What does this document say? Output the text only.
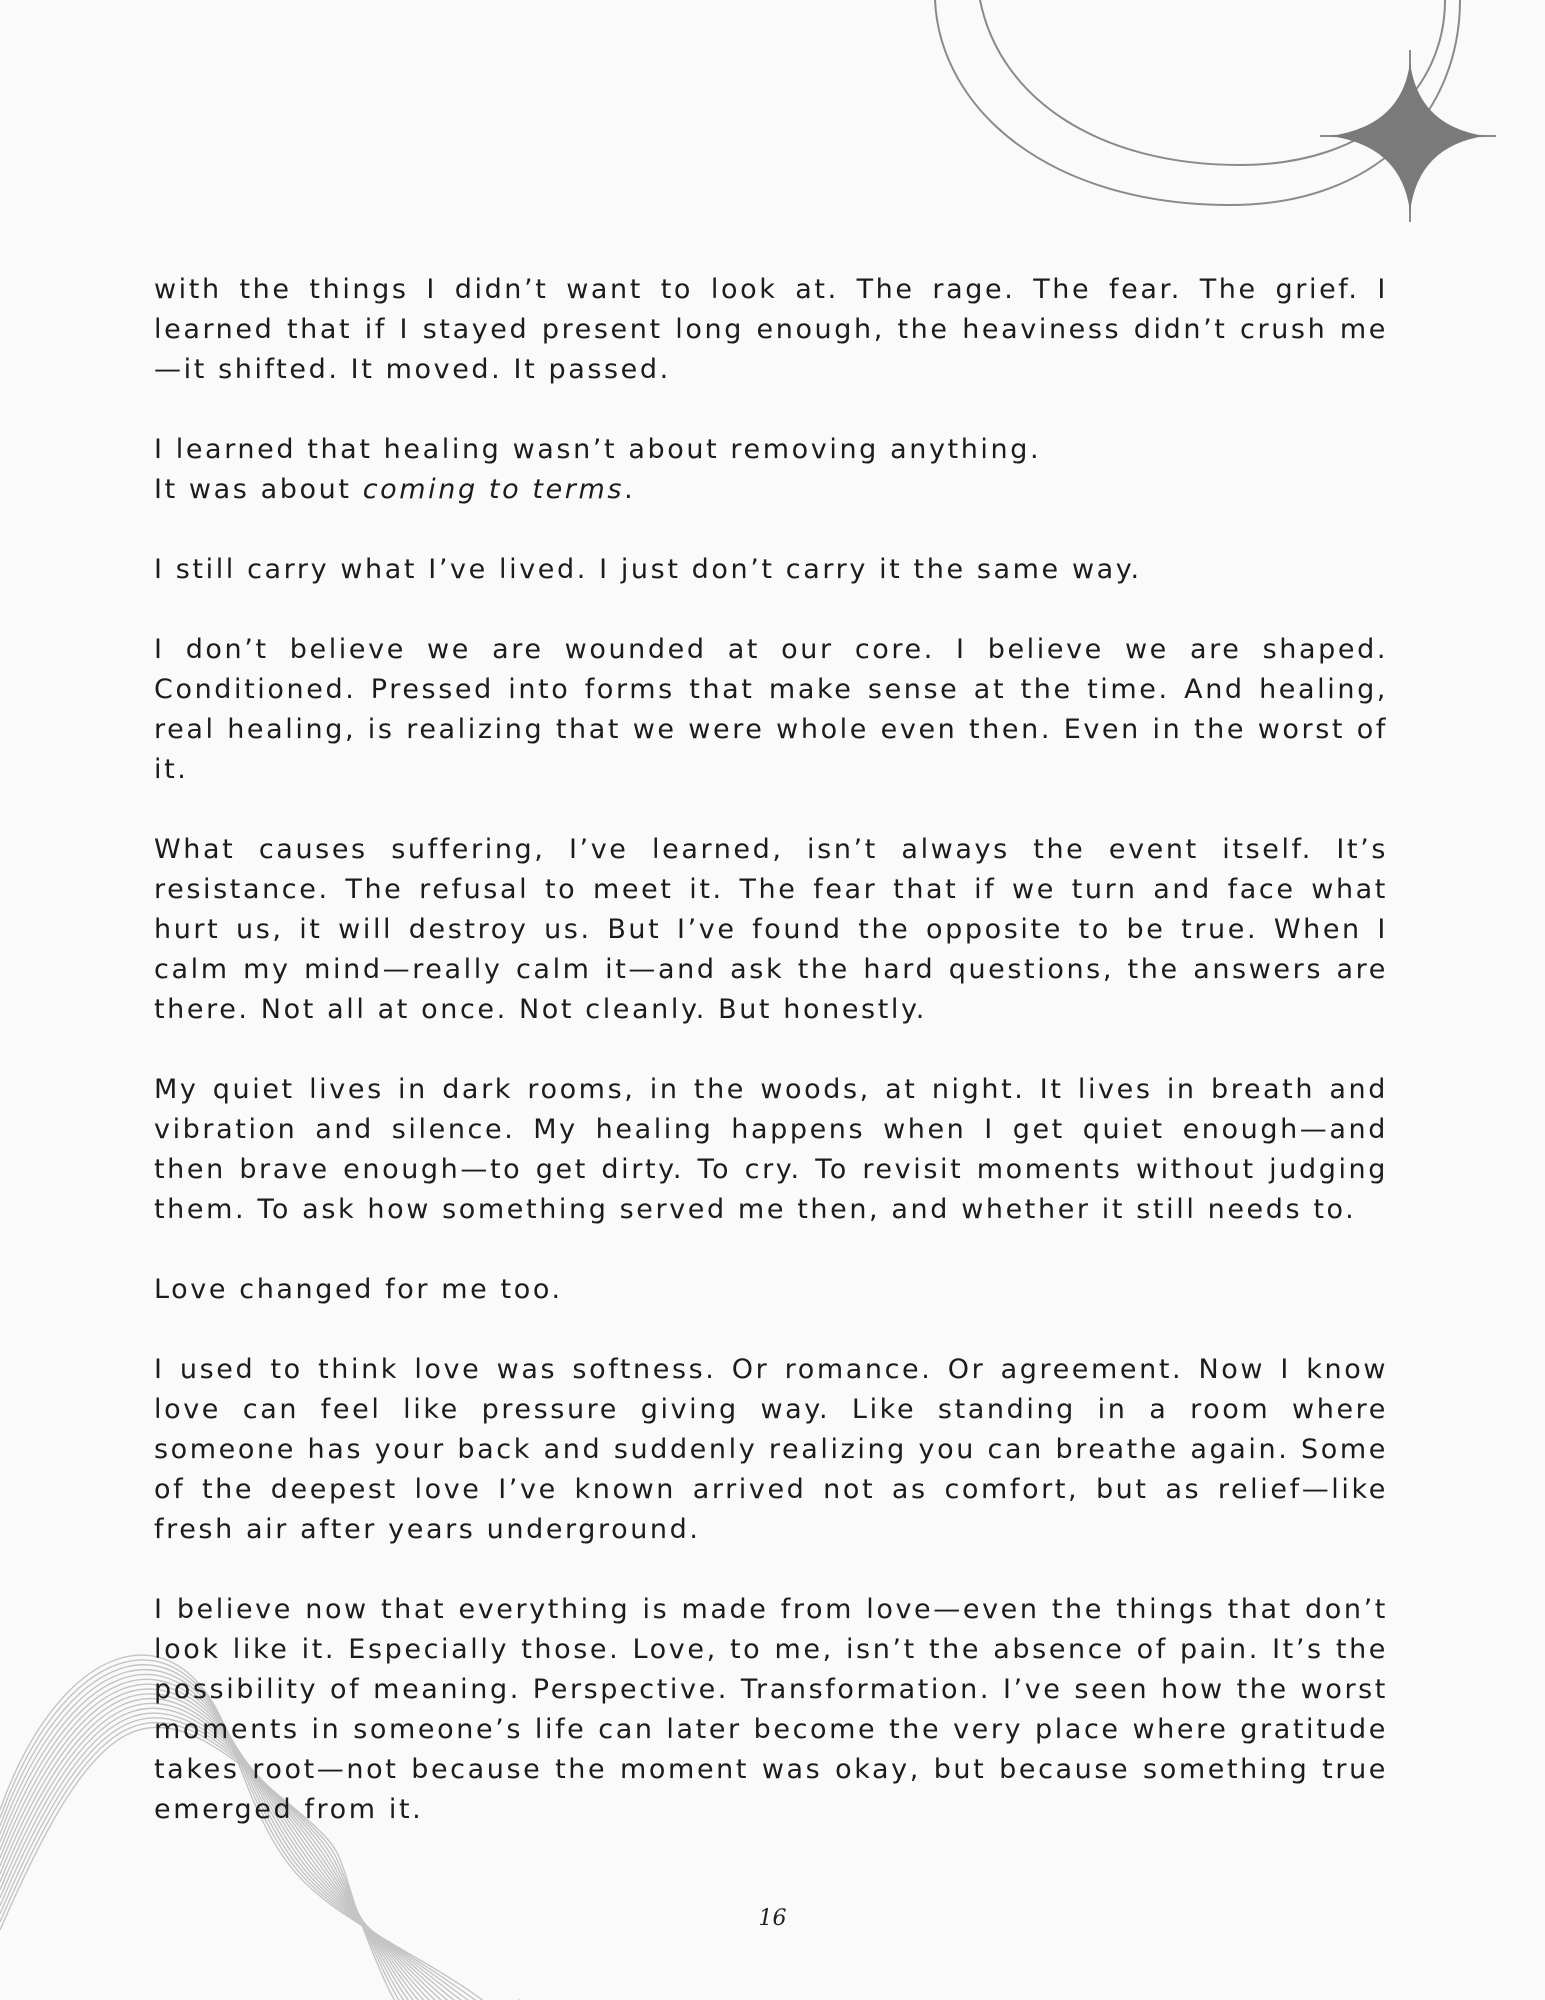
with the things I didn’t want to look at. The rage. The fear. The grief. I learned that if I stayed present long enough, the heaviness didn’t crush me—it shifted. It moved. It passed.

I learned that healing wasn’t about removing anything.
It was about coming to terms.

I still carry what I’ve lived. I just don’t carry it the same way.

I don’t believe we are wounded at our core. I believe we are shaped. Conditioned. Pressed into forms that make sense at the time. And healing, real healing, is realizing that we were whole even then. Even in the worst of it.

What causes suffering, I’ve learned, isn’t always the event itself. It’s resistance. The refusal to meet it. The fear that if we turn and face what hurt us, it will destroy us. But I’ve found the opposite to be true. When I calm my mind—really calm it—and ask the hard questions, the answers are there. Not all at once. Not cleanly. But honestly.

My quiet lives in dark rooms, in the woods, at night. It lives in breath and vibration and silence. My healing happens when I get quiet enough—and then brave enough—to get dirty. To cry. To revisit moments without judging them. To ask how something served me then, and whether it still needs to.

Love changed for me too.

I used to think love was softness. Or romance. Or agreement. Now I know love can feel like pressure giving way. Like standing in a room where someone has your back and suddenly realizing you can breathe again. Some of the deepest love I’ve known arrived not as comfort, but as relief—like fresh air after years underground.

I believe now that everything is made from love—even the things that don’t look like it. Especially those. Love, to me, isn’t the absence of pain. It’s the possibility of meaning. Perspective. Transformation. I’ve seen how the worst moments in someone’s life can later become the very place where gratitude takes root—not because the moment was okay, but because something true emerged from it.

16
